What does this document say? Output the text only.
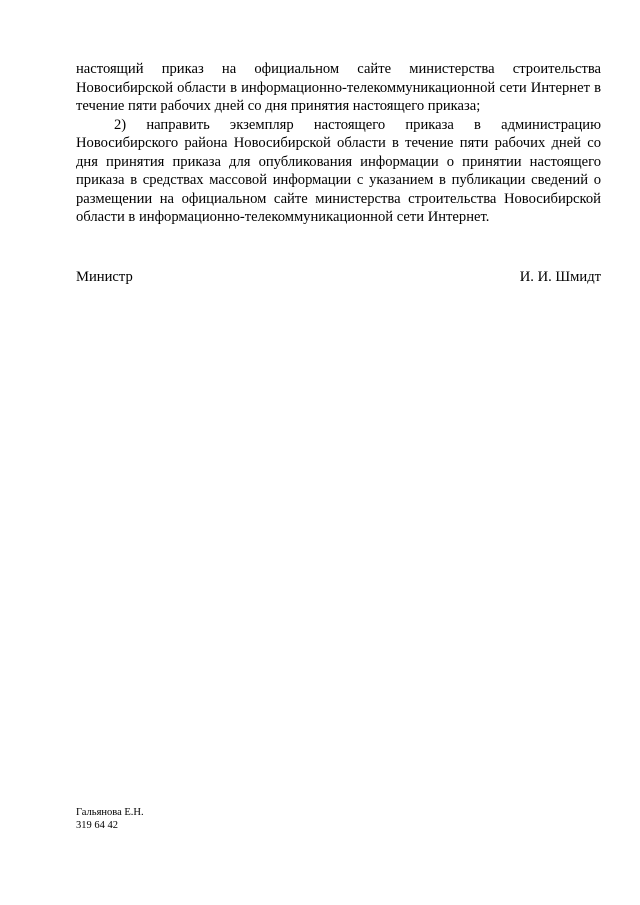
настоящий приказ на официальном сайте министерства строительства Новосибирской области в информационно-телекоммуникационной сети Интернет в течение пяти рабочих дней со дня принятия настоящего приказа;

2) направить экземпляр настоящего приказа в администрацию Новосибирского района Новосибирской области в течение пяти рабочих дней со дня принятия приказа для опубликования информации о принятии настоящего приказа в средствах массовой информации с указанием в публикации сведений о размещении на официальном сайте министерства строительства Новосибирской области в информационно-телекоммуникационной сети Интернет.

Министр	И. И. Шмидт
Гальянова Е.Н.
319 64 42
